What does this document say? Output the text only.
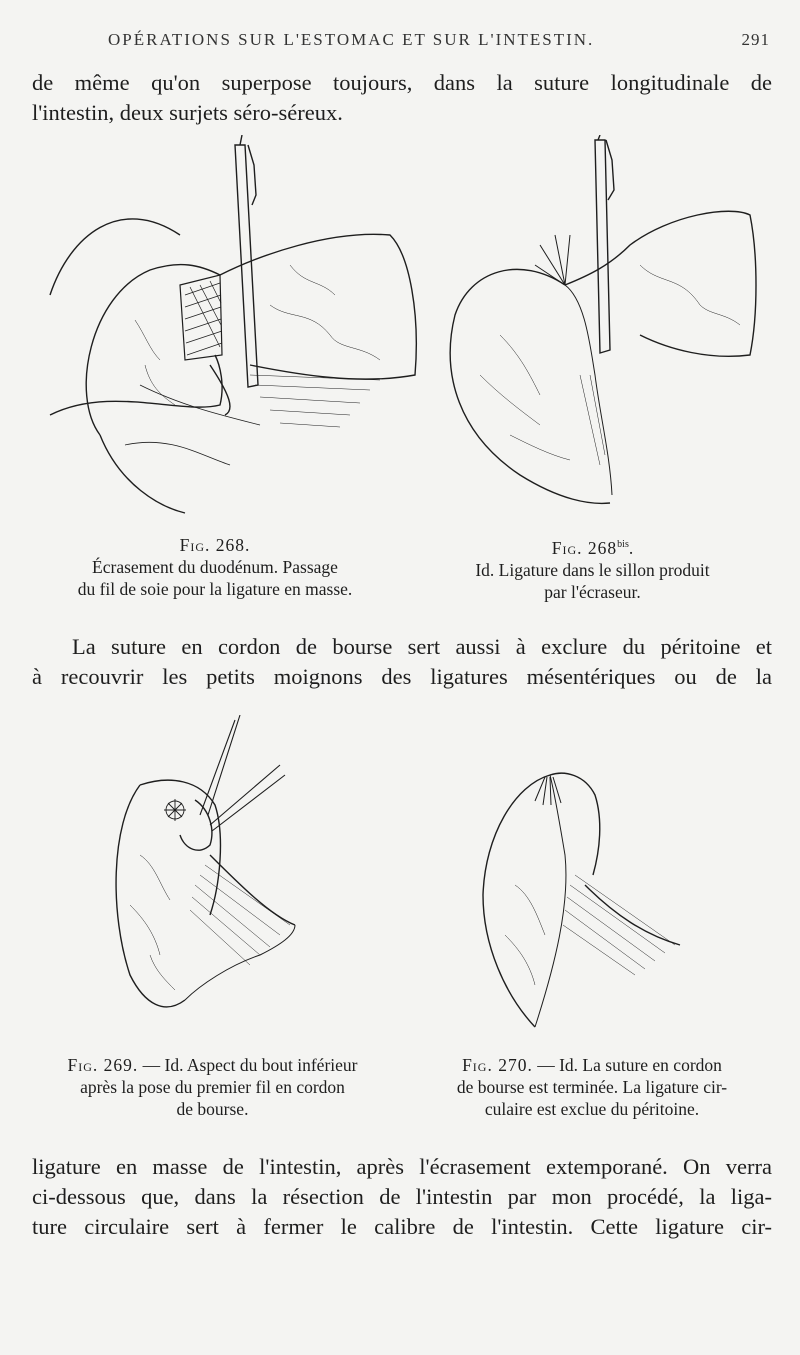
OPÉRATIONS SUR L'ESTOMAC ET SUR L'INTESTIN.	291
de même qu'on superpose toujours, dans la suture longitudinale de
l'intestin, deux surjets séro-séreux.
Fig. 268.
Écrasement du duodénum. Passage
du fil de soie pour la ligature en masse.
Fig. $268^{bis}$.
Id. Ligature dans le sillon produit
par l'écraseur.
La suture en cordon de bourse sert aussi à exclure du péritoine et
à recouvrir les petits moignons des ligatures mésentériques ou de la
Fig. 269. — Id. Aspect du bout inférieur
après la pose du premier fil en cordon
de bourse.
Fig. 270. — Id. La suture en cordon
de bourse est terminée. La ligature cir-
culaire est exclue du péritoine.
ligature en masse de l'intestin, après l'écrasement extemporané. On verra
ci-dessous que, dans la résection de l'intestin par mon procédé, la liga-
ture circulaire sert à fermer le calibre de l'intestin. Cette ligature cir-
